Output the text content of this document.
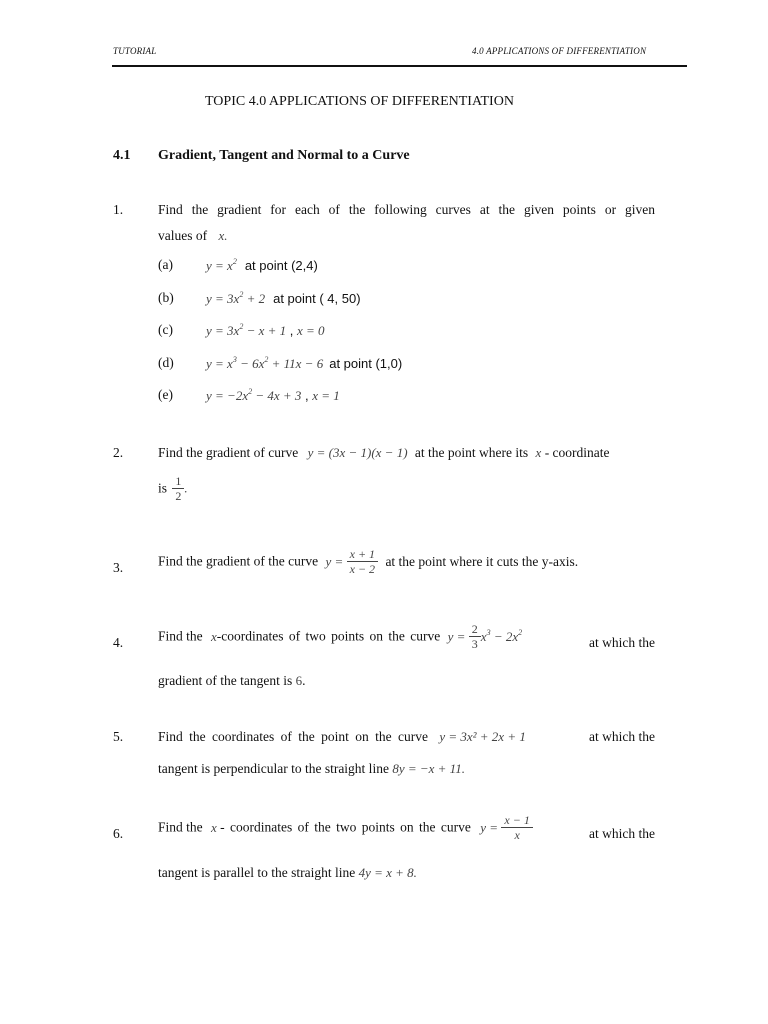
TUTORIAL	4.0 APPLICATIONS OF DIFFERENTIATION
TOPIC 4.0 APPLICATIONS OF DIFFERENTIATION
4.1 Gradient, Tangent and Normal to a Curve
1.	Find the gradient for each of the following curves at the given points or given
values of x.
(a)	$y = x^2$ at point (2,4)
(b) $y = 3x^2 + 2$ at point ( 4, 50)
(c)	$y = 3x^2 - x + 1$ , x = 0
(d) $y = x^3 - 6x^2 + 11x - 6$ at point (1,0)
(e)	$y = -2x^2 - 4x + 3$ , x = 1
2.	Find the gradient of curve y = (3x − 1)(x − 1) at the point where its x - coordinate
is $\frac{1}{2}$ .
3.	Find the gradient of the curve $y = \frac{x + 1}{x - 2}$ at the point where it cuts the y-axis.
4.	Find the x-coordinates of two points on the curve $y = \frac{2}{3} x^3 - 2x^2$
at which the
gradient of the tangent is 6.
5.	Find the coordinates of the point on the curve y = 3x² + 2x + 1	at which the
tangent is perpendicular to the straight line 8y = −x + 11.
6.	Find the x - coordinates of the two points on the curve $y = \frac{x - 1}{x}$	at which the
tangent is parallel to the straight line 4y = x + 8.
